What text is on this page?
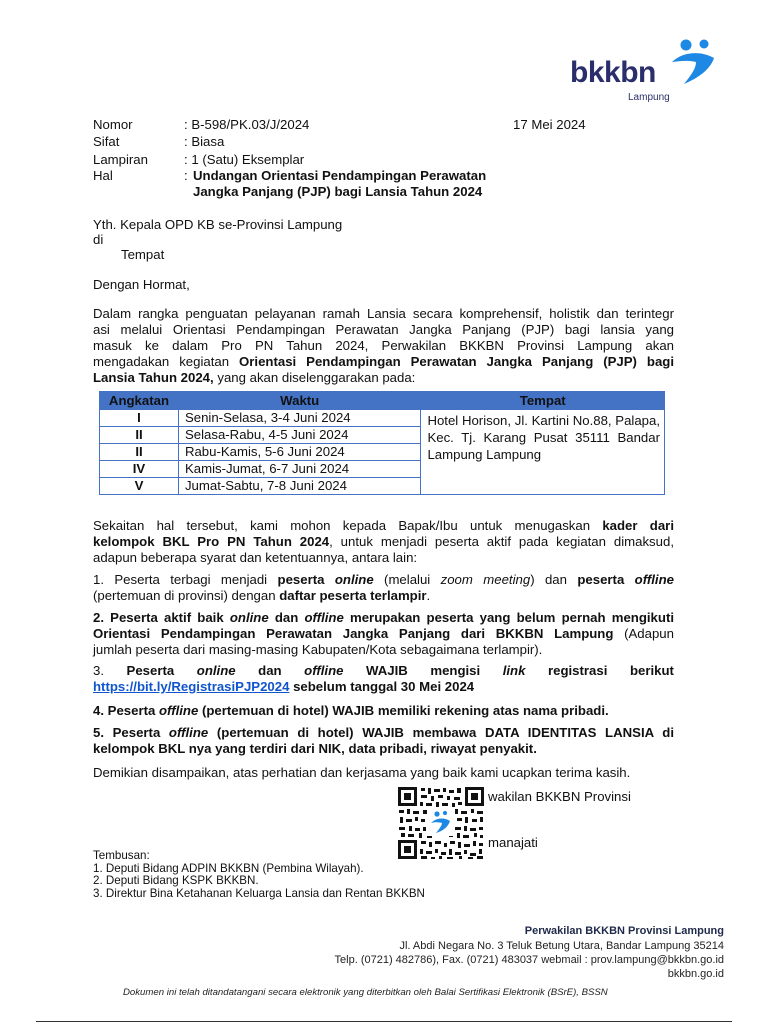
bkkbn
Lampung
Nomor	: B-598/PK.03/J/2024	17 Mei 2024
Sifat	: Biasa
Lampiran	: 1 (Satu) Eksemplar
Hal	: Undangan Orientasi Pendampingan Perawatan
Jangka Panjang (PJP) bagi Lansia Tahun 2024
Yth. Kepala OPD KB se-Provinsi Lampung
di
Tempat
Dengan Hormat,
Dalam rangka penguatan pelayanan ramah Lansia secara komprehensif, holistik dan terintegr
asi melalui Orientasi Pendampingan Perawatan Jangka Panjang (PJP) bagi lansia yang
masuk ke dalam Pro PN Tahun 2024, Perwakilan BKKBN Provinsi Lampung akan
mengadakan kegiatan Orientasi Pendampingan Perawatan Jangka Panjang (PJP) bagi
Lansia Tahun 2024, yang akan diselenggarakan pada:
Angkatan	Waktu	Tempat
I	Senin-Selasa, 3-4 Juni 2024	Hotel Horison, Jl. Kartini No.88, Palapa, Kec. Tj. Karang Pusat 35111 Bandar Lampung Lampung
II	Selasa-Rabu, 4-5 Juni 2024	
II	Rabu-Kamis, 5-6 Juni 2024	
IV	Kamis-Jumat, 6-7 Juni 2024	
V	Jumat-Sabtu, 7-8 Juni 2024	
Sekaitan hal tersebut, kami mohon kepada Bapak/Ibu untuk menugaskan kader dari
kelompok BKL Pro PN Tahun 2024, untuk menjadi peserta aktif pada kegiatan dimaksud,
adapun beberapa syarat dan ketentuannya, antara lain:
1. Peserta terbagi menjadi peserta online (melalui zoom meeting) dan peserta offline
(pertemuan di provinsi) dengan daftar peserta terlampir.
2. Peserta aktif baik online dan offline merupakan peserta yang belum pernah mengikuti
Orientasi Pendampingan Perawatan Jangka Panjang dari BKKBN Lampung (Adapun
jumlah peserta dari masing-masing Kabupaten/Kota sebagaimana terlampir).
3. Peserta online dan offline WAJIB mengisi link registrasi berikut
https://bit.ly/RegistrasiPJP2024 sebelum tanggal 30 Mei 2024
4. Peserta offline (pertemuan di hotel) WAJIB memiliki rekening atas nama pribadi.
5. Peserta offline (pertemuan di hotel) WAJIB membawa DATA IDENTITAS LANSIA di
kelompok BKL nya yang terdiri dari NIK, data pribadi, riwayat penyakit.
Demikian disampaikan, atas perhatian dan kerjasama yang baik kami ucapkan terima kasih.
wakilan BKKBN Provinsi
manajati
Tembusan:
1. Deputi Bidang ADPIN BKKBN (Pembina Wilayah).
2. Deputi Bidang KSPK BKKBN.
3. Direktur Bina Ketahanan Keluarga Lansia dan Rentan BKKBN
Perwakilan BKKBN Provinsi Lampung
Jl. Abdi Negara No. 3 Teluk Betung Utara, Bandar Lampung 35214
Telp. (0721) 482786), Fax. (0721) 483037 webmail : prov.lampung@bkkbn.go.id
bkkbn.go.id
Dokumen ini telah ditandatangani secara elektronik yang diterbitkan oleh Balai Sertifikasi Elektronik (BSrE), BSSN
